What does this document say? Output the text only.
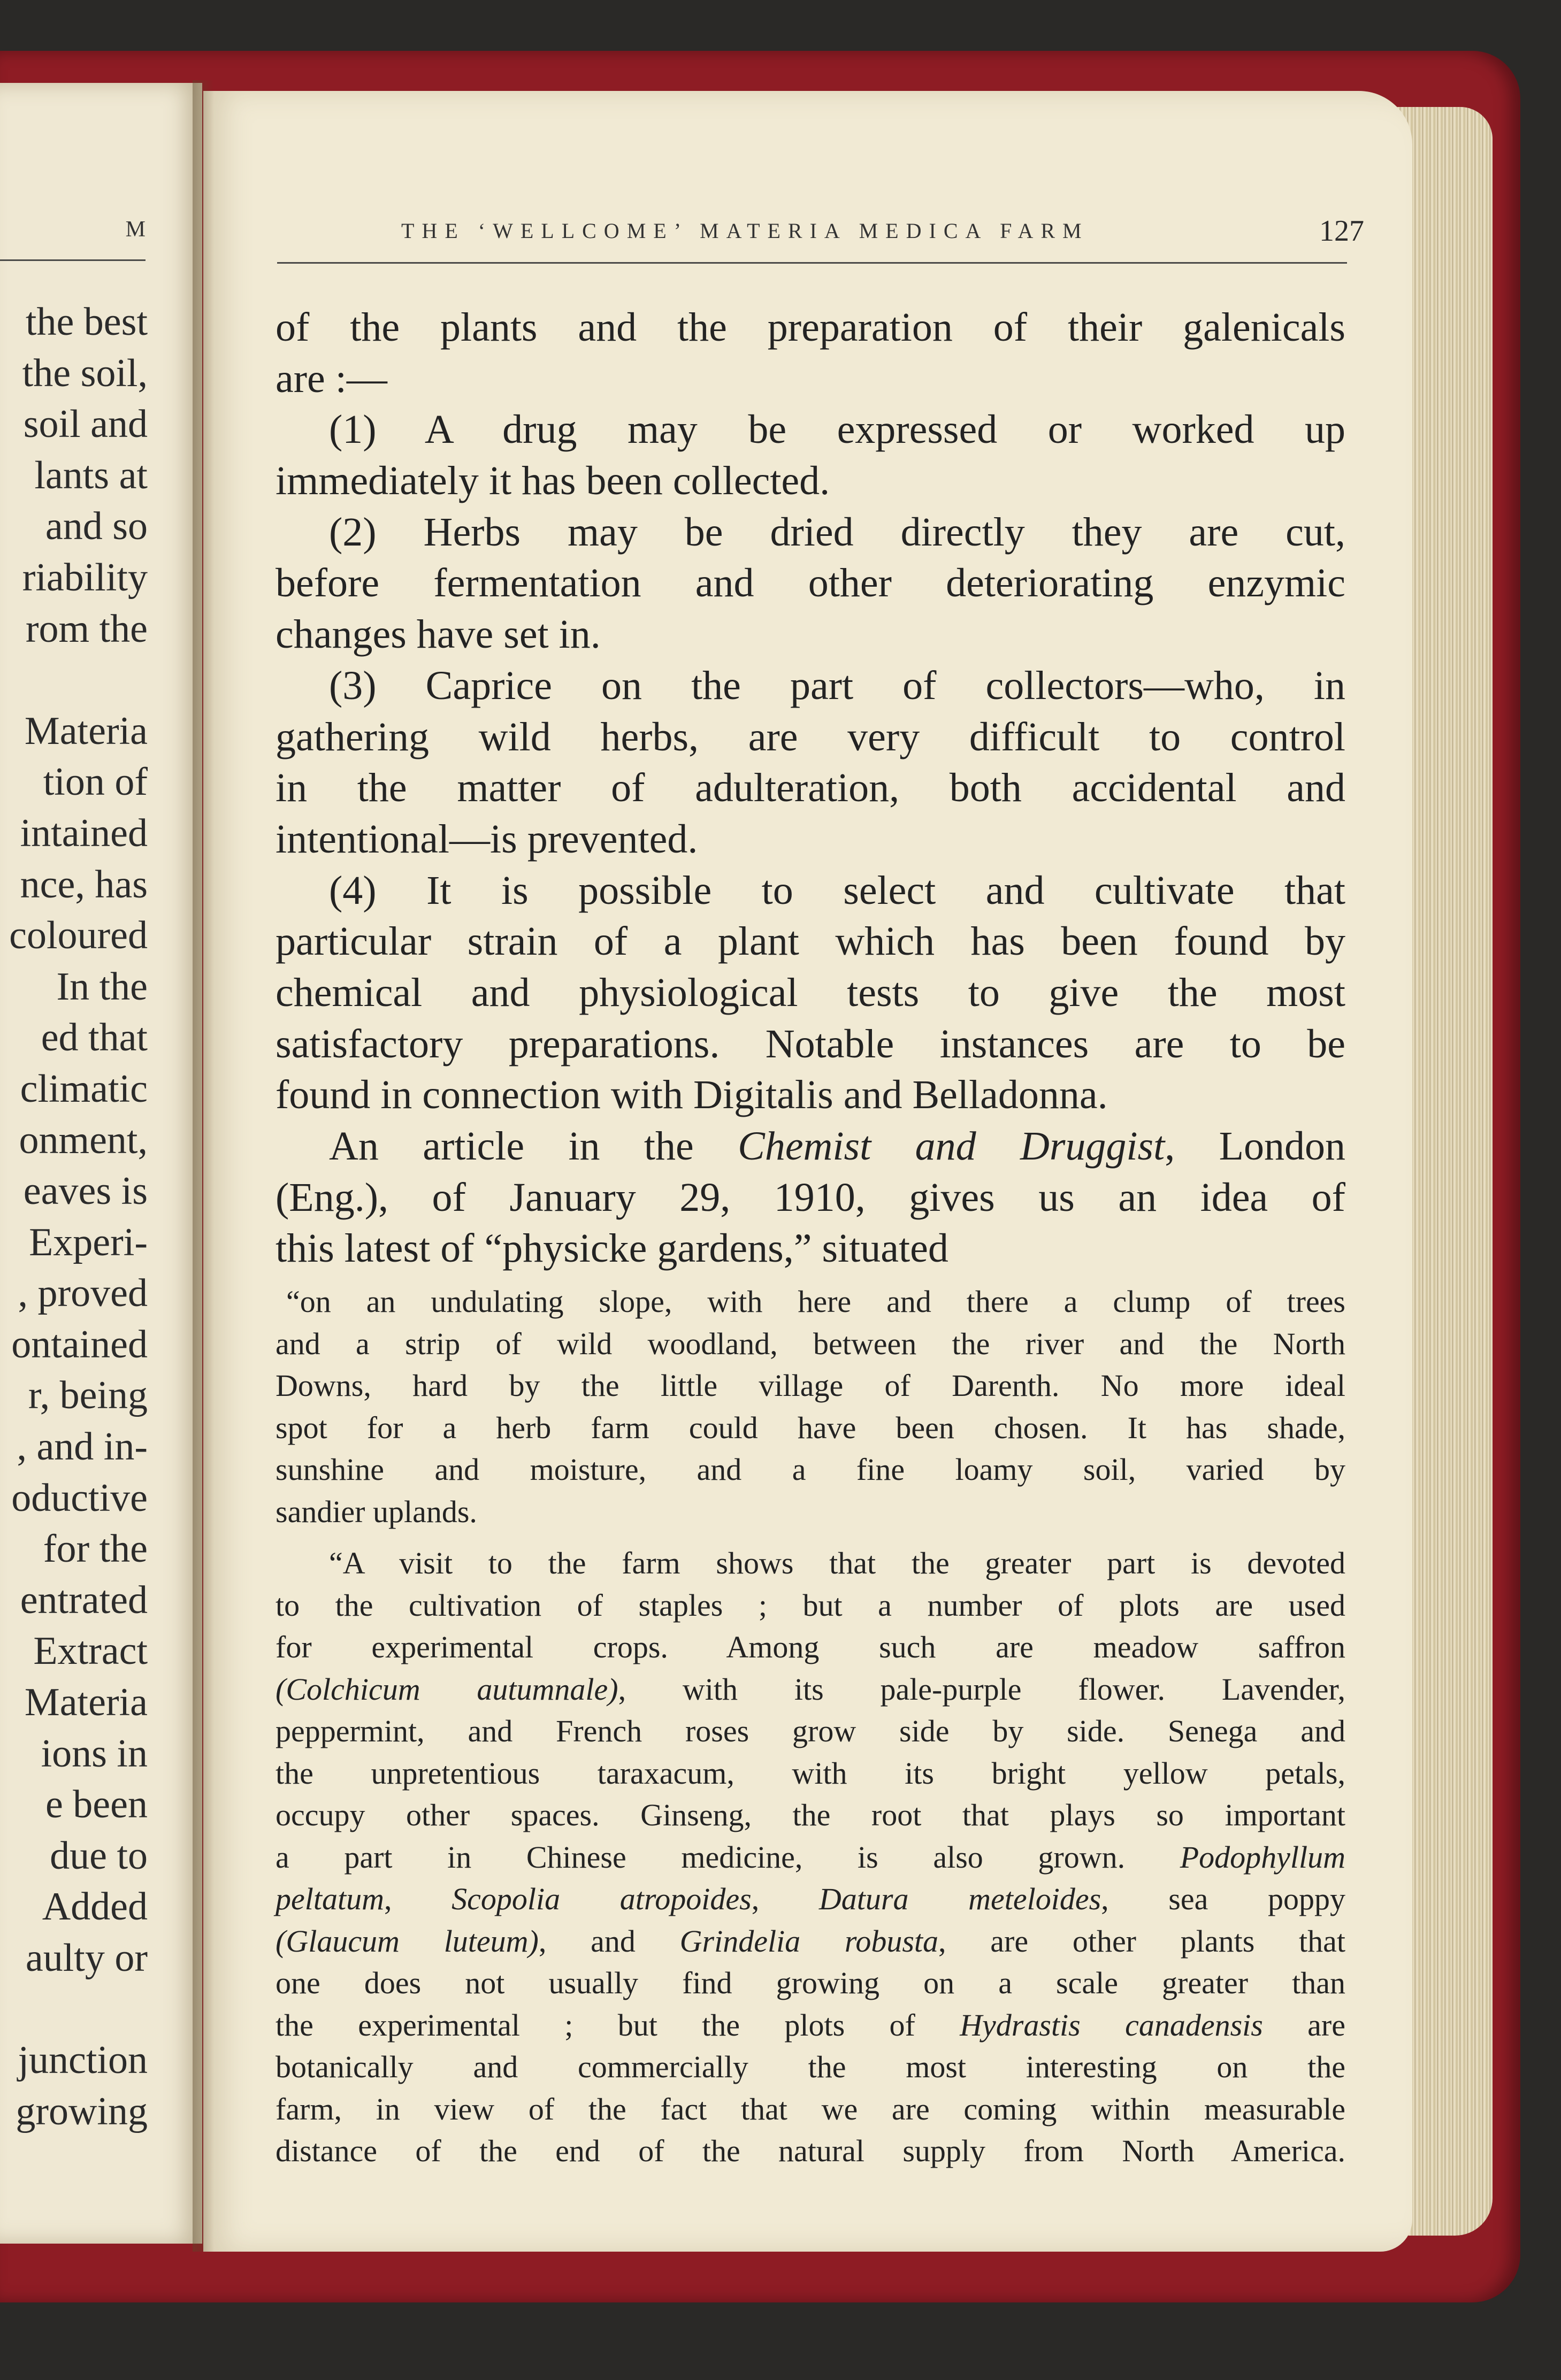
M
the best
the soil,
soil and
lants at
and so
riability
rom the
Materia
tion of
intained
nce, has
coloured
In the
ed that
climatic
onment,
eaves is
Experi-
, proved
ontained
r, being
, and in-
oductive
for the
entrated
Extract
Materia
ions in
e been
due to
Added
aulty or
junction
growing
THE ‘WELLCOME’ MATERIA MEDICA FARM	127
of the plants and the preparation of their galenicals
are :—
(1) A drug may be expressed or worked up
immediately it has been collected.
(2) Herbs may be dried directly they are cut,
before fermentation and other deteriorating enzymic
changes have set in.
(3) Caprice on the part of collectors—who, in
gathering wild herbs, are very difficult to control
in the matter of adulteration, both accidental and
intentional—is prevented.
(4) It is possible to select and cultivate that
particular strain of a plant which has been found by
chemical and physiological tests to give the most
satisfactory preparations. Notable instances are to be
found in connection with Digitalis and Belladonna.
An article in the Chemist and Druggist, London
(Eng.), of January 29, 1910, gives us an idea of
this latest of “physicke gardens,” situated
“on an undulating slope, with here and there a clump of trees
and a strip of wild woodland, between the river and the North
Downs, hard by the little village of Darenth. No more ideal
spot for a herb farm could have been chosen. It has shade,
sunshine and moisture, and a fine loamy soil, varied by
sandier uplands.
“A visit to the farm shows that the greater part is devoted
to the cultivation of staples ; but a number of plots are used
for experimental crops. Among such are meadow saffron
(Colchicum autumnale), with its pale-purple flower. Lavender,
peppermint, and French roses grow side by side. Senega and
the unpretentious taraxacum, with its bright yellow petals,
occupy other spaces. Ginseng, the root that plays so important
a part in Chinese medicine, is also grown. Podophyllum
peltatum, Scopolia atropoides, Datura meteloides, sea poppy
(Glaucum luteum), and Grindelia robusta, are other plants that
one does not usually find growing on a scale greater than
the experimental ; but the plots of Hydrastis canadensis are
botanically and commercially the most interesting on the
farm, in view of the fact that we are coming within measurable
distance of the end of the natural supply from North America.
